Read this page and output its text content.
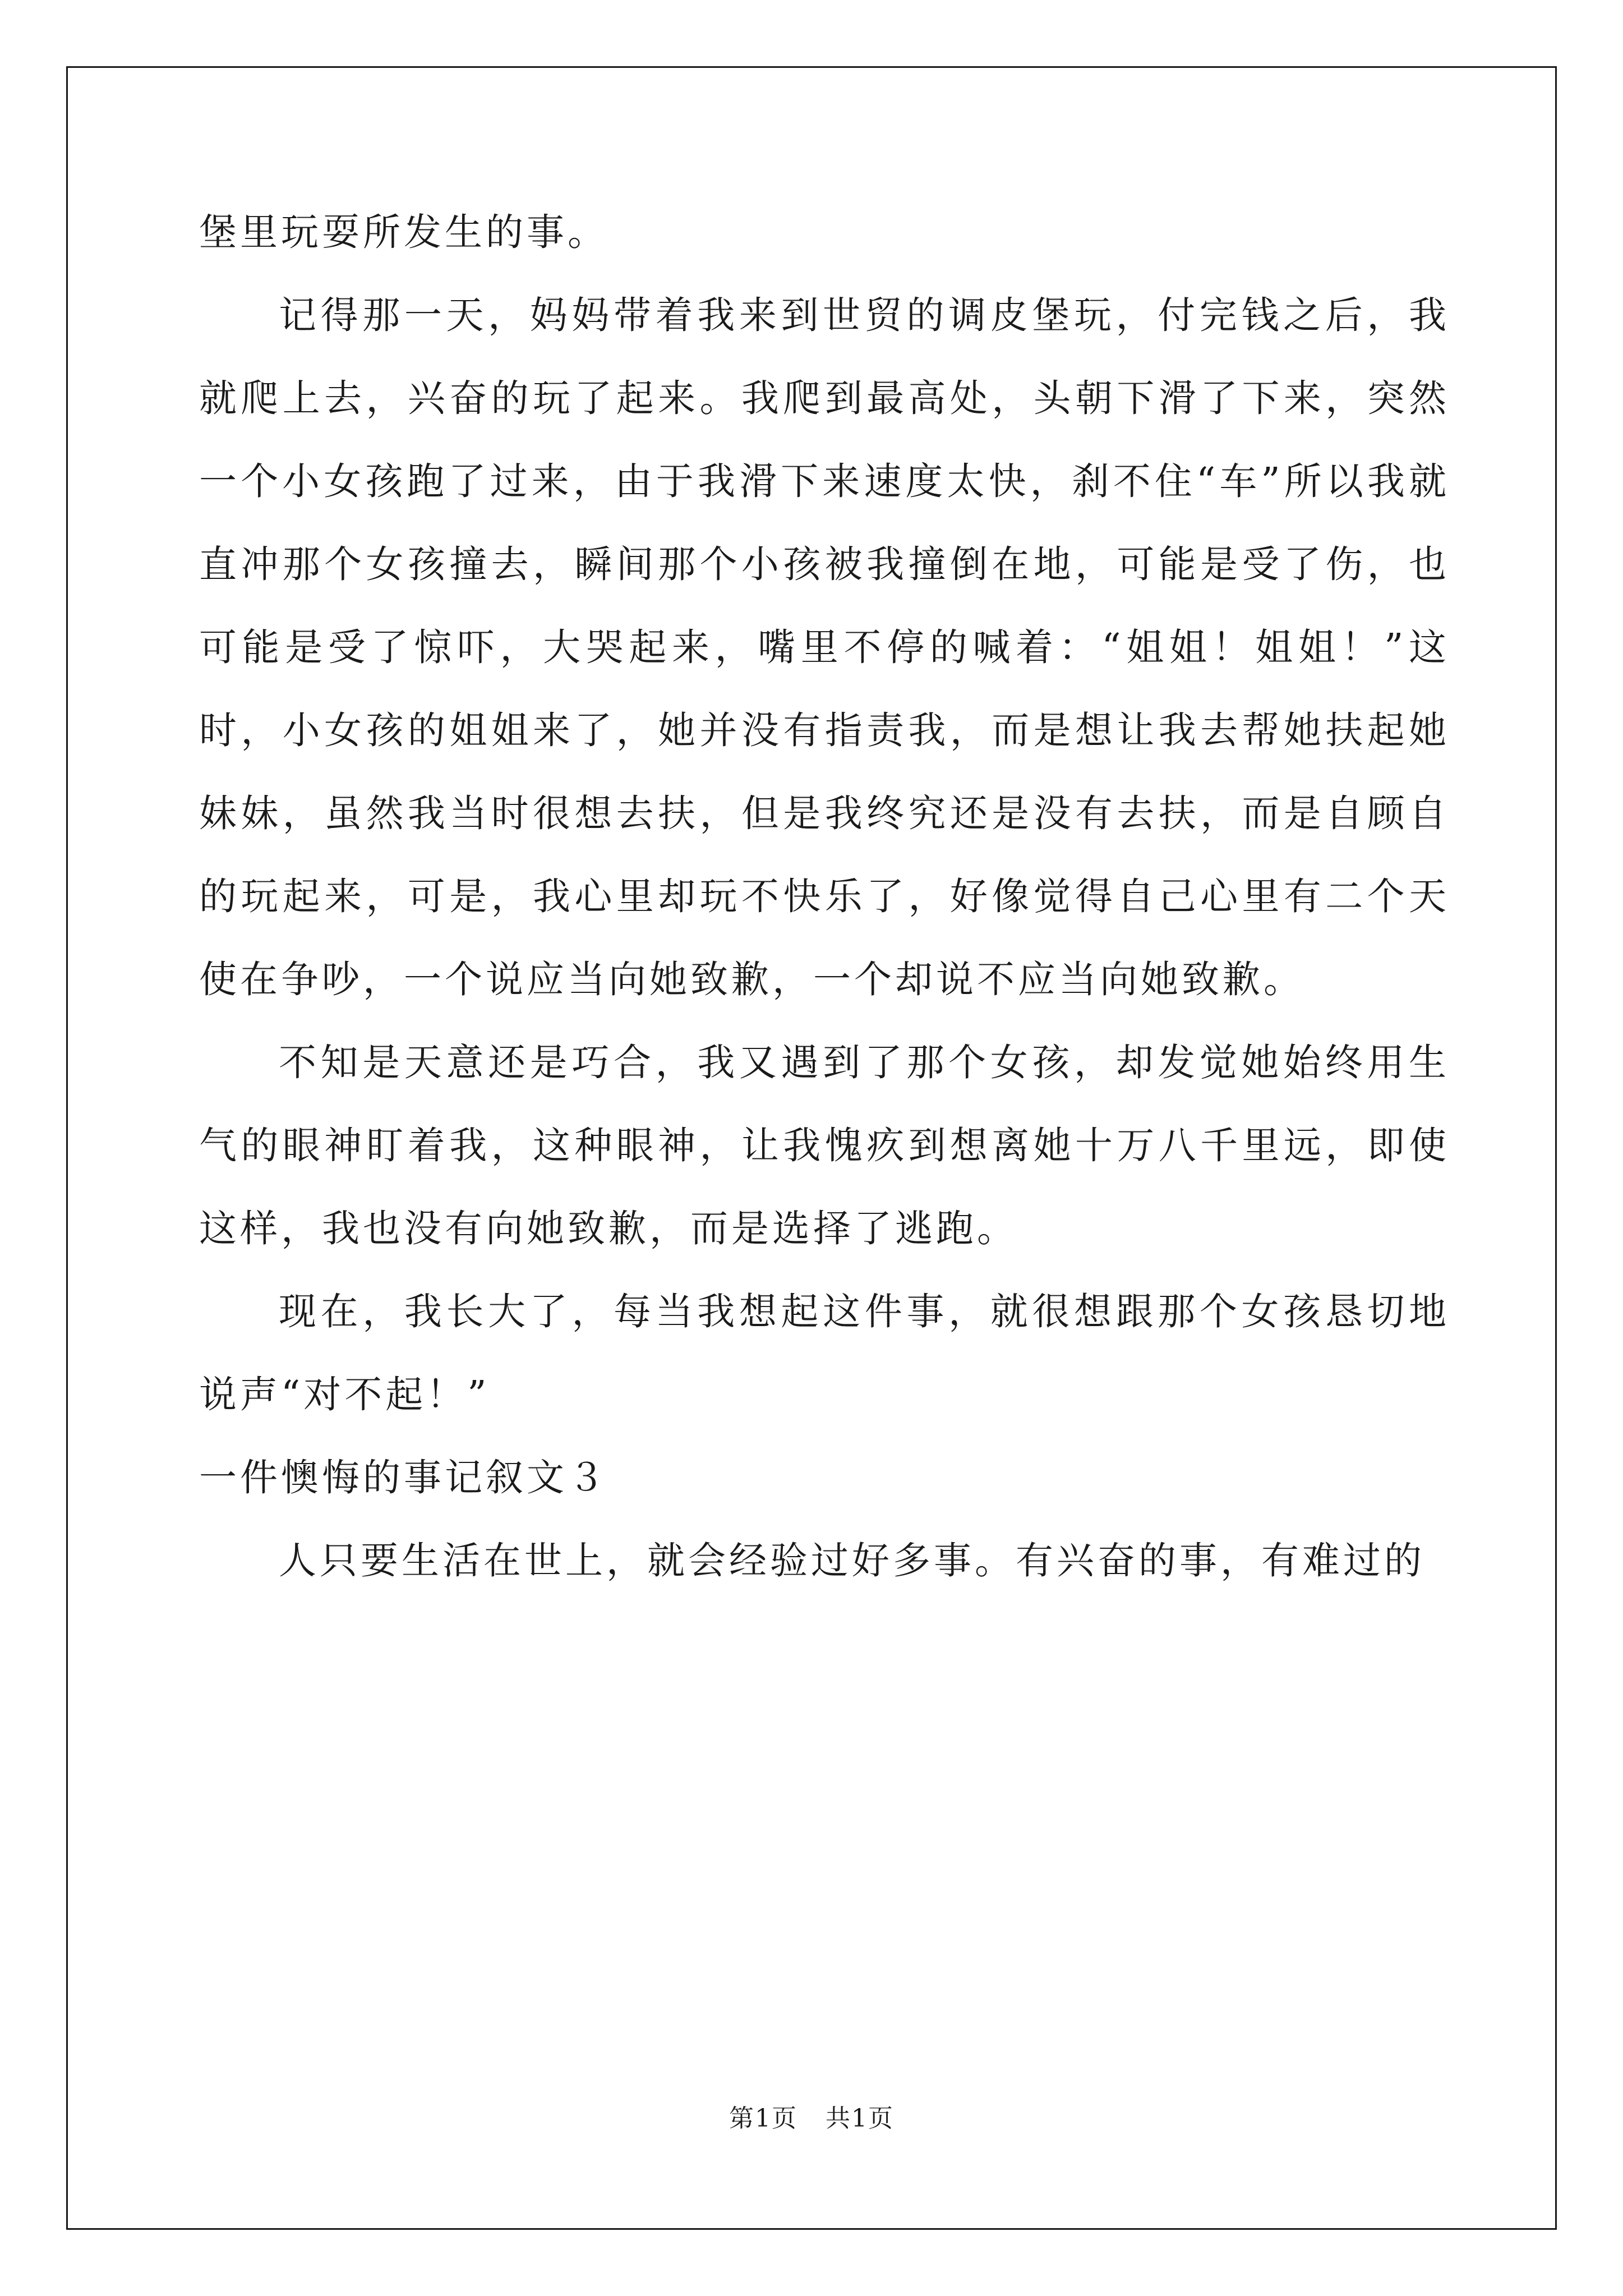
堡里玩耍所发生的事。

记得那一天，妈妈带着我来到世贸的调皮堡玩，付完钱之后，我就爬上去，兴奋的玩了起来。我爬到最高处，头朝下滑了下来，突然一个小女孩跑了过来，由于我滑下来速度太快，刹不住“车”所以我就直冲那个女孩撞去，瞬间那个小孩被我撞倒在地，可能是受了伤，也可能是受了惊吓，大哭起来，嘴里不停的喊着：“姐姐！姐姐！”这时，小女孩的姐姐来了，她并没有指责我，而是想让我去帮她扶起她妹妹，虽然我当时很想去扶，但是我终究还是没有去扶，而是自顾自的玩起来，可是，我心里却玩不快乐了，好像觉得自己心里有二个天使在争吵，一个说应当向她致歉，一个却说不应当向她致歉。

不知是天意还是巧合，我又遇到了那个女孩，却发觉她始终用生气的眼神盯着我，这种眼神，让我愧疚到想离她十万八千里远，即使这样，我也没有向她致歉，而是选择了逃跑。

现在，我长大了，每当我想起这件事，就很想跟那个女孩恳切地说声“对不起！”

一件懊悔的事记叙文３

人只要生活在世上，就会经验过好多事。有兴奋的事，有难过的

第1页 共1页
